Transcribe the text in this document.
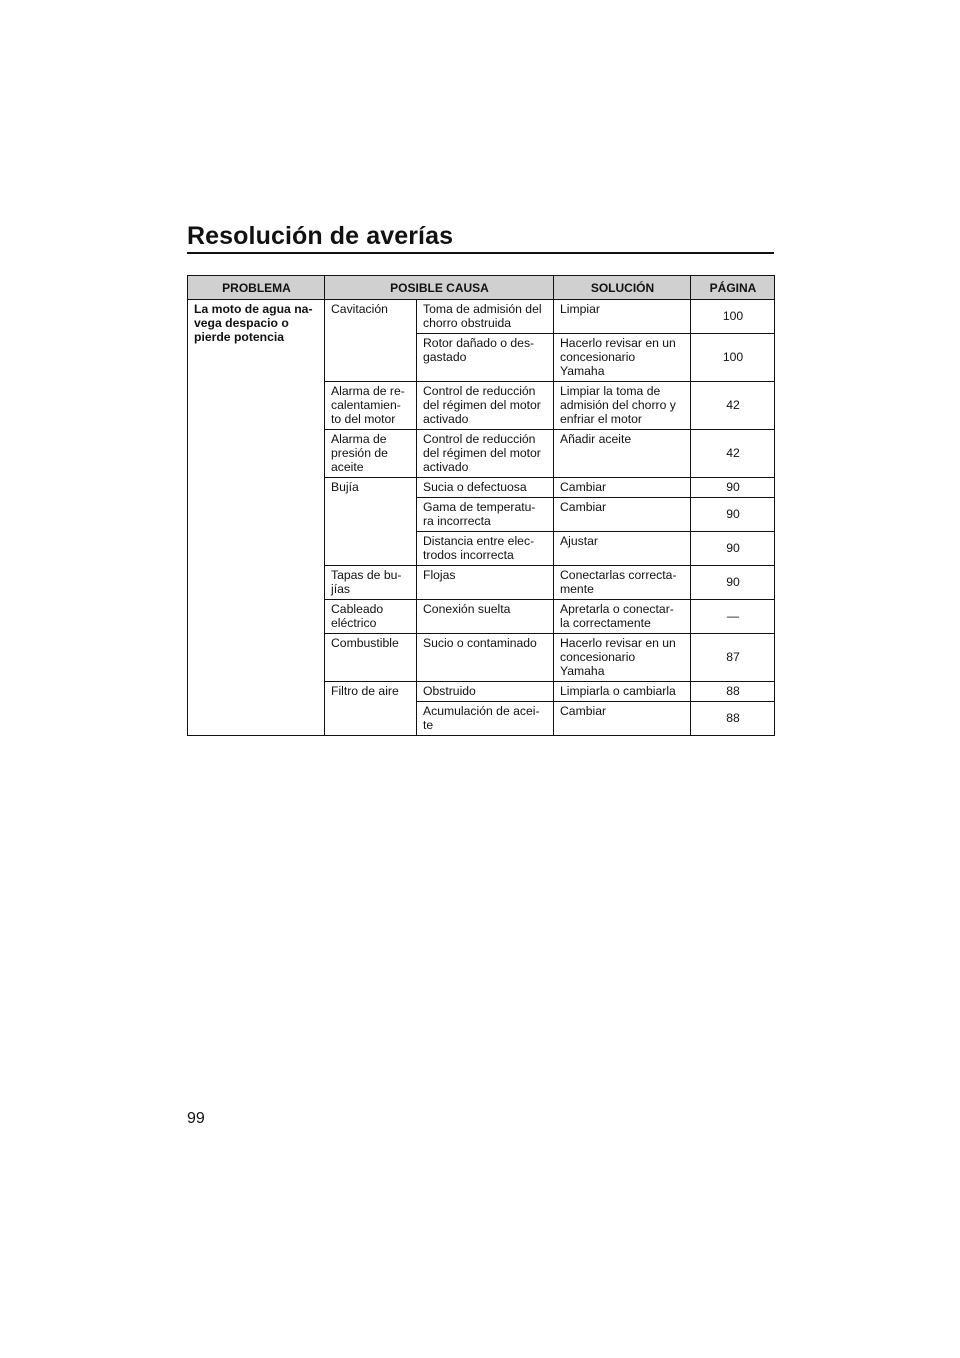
Resolución de averías
PROBLEMA	POSIBLE CAUSA		SOLUCIÓN	PÁGINA

La moto de agua na-
vega despacio o
pierde potencia	Cavitación	Toma de admisión del
chorro obstruida	Limpiar	100

		Rotor dañado o des-
gastado	Hacerlo revisar en un
concesionario
Yamaha	100

	Alarma de re-
calentamien-
to del motor	Control de reducción
del régimen del motor
activado	Limpiar la toma de
admisión del chorro y
enfriar el motor	42

	Alarma de
presión de
aceite	Control de reducción
del régimen del motor
activado	Añadir aceite	42

	Bujía	Sucia o defectuosa	Cambiar	90

		Gama de temperatu-
ra incorrecta	Cambiar	90

		Distancia entre elec-
trodos incorrecta	Ajustar	90

	Tapas de bu-
jías	Flojas	Conectarlas correcta-
mente	90

	Cableado
eléctrico	Conexión suelta	Apretarla o conectar-
la correctamente	—

	Combustible	Sucio o contaminado	Hacerlo revisar en un
concesionario
Yamaha	87

	Filtro de aire	Obstruido	Limpiarla o cambiarla	88

		Acumulación de acei-
te	Cambiar	88
99
